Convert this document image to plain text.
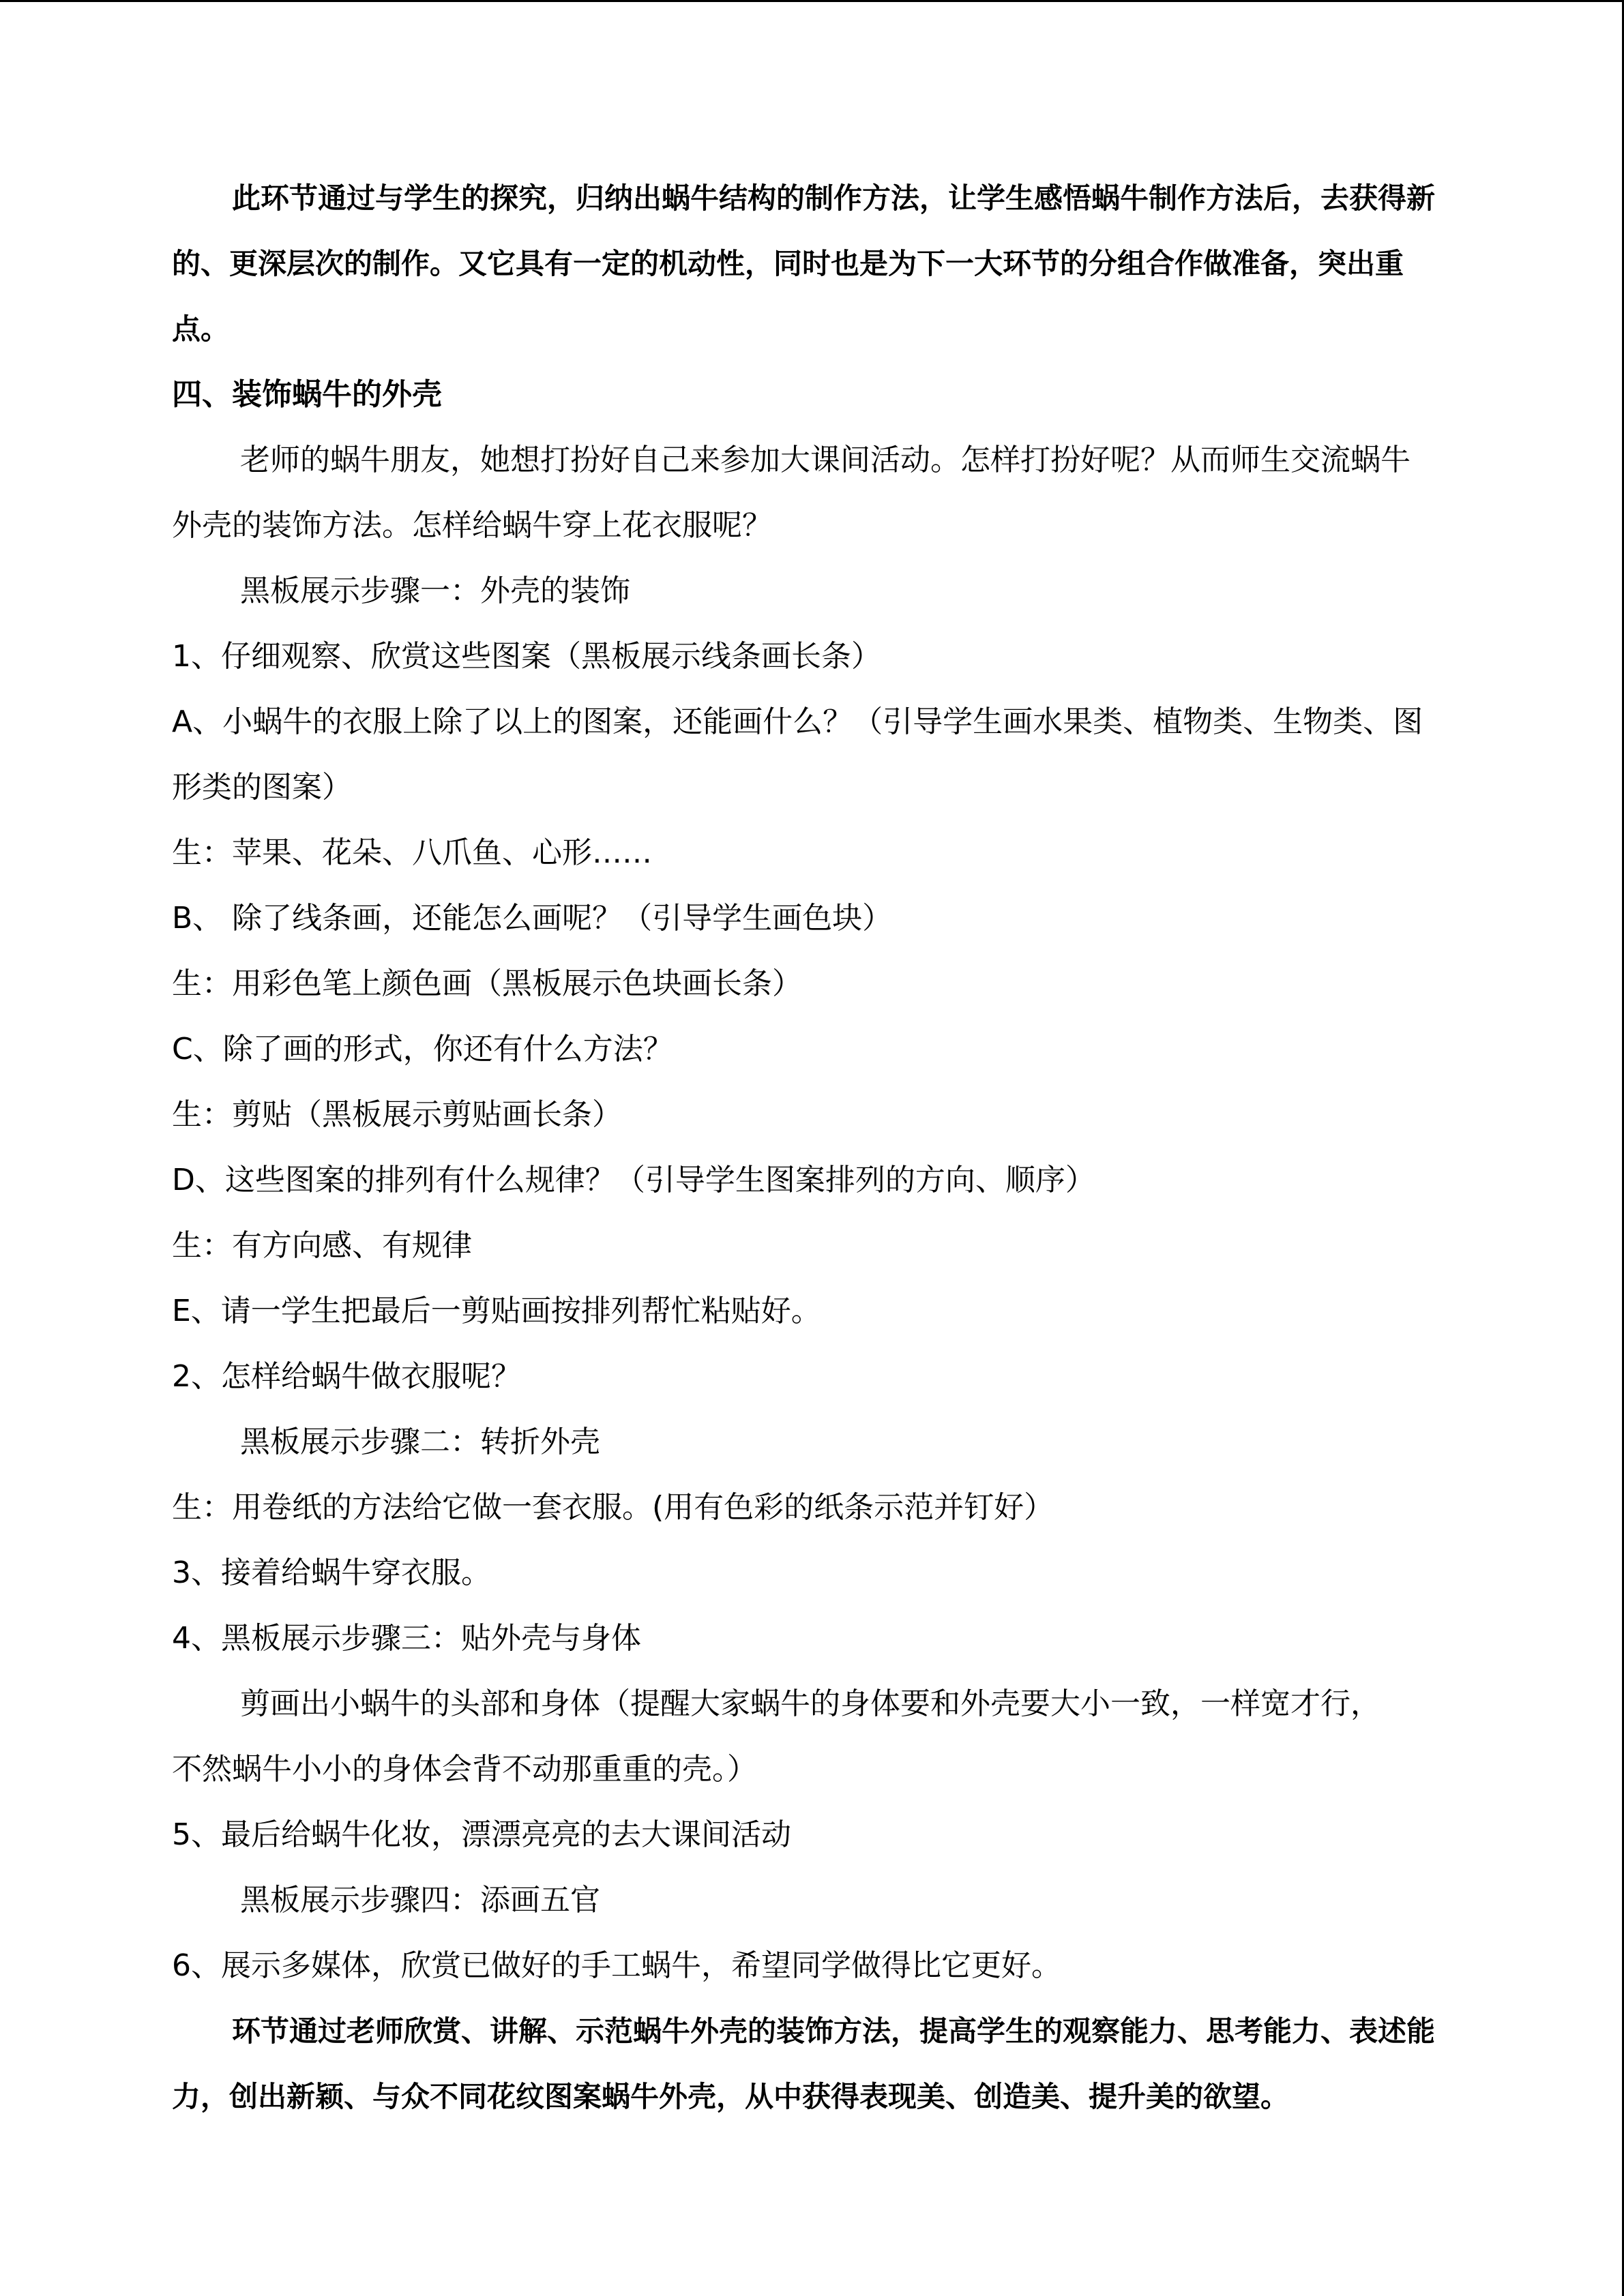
此环节通过与学生的探究，归纳出蜗牛结构的制作方法，让学生感悟蜗牛制作方法后，去获得新

的、更深层次的制作。又它具有一定的机动性，同时也是为下一大环节的分组合作做准备，突出重

点。

四、装饰蜗牛的外壳

老师的蜗牛朋友，她想打扮好自己来参加大课间活动。怎样打扮好呢？从而师生交流蜗牛

外壳的装饰方法。怎样给蜗牛穿上花衣服呢？

黑板展示步骤一：外壳的装饰

1、仔细观察、欣赏这些图案（黑板展示线条画长条）

A、小蜗牛的衣服上除了以上的图案，还能画什么？（引导学生画水果类、植物类、生物类、图

形类的图案）

生：苹果、花朵、八爪鱼、心形……

B、 除了线条画，还能怎么画呢？（引导学生画色块）

生：用彩色笔上颜色画（黑板展示色块画长条）

C、除了画的形式，你还有什么方法？

生：剪贴（黑板展示剪贴画长条）

D、这些图案的排列有什么规律？（引导学生图案排列的方向、顺序）

生：有方向感、有规律

E、请一学生把最后一剪贴画按排列帮忙粘贴好。

2、怎样给蜗牛做衣服呢？

黑板展示步骤二：转折外壳

生：用卷纸的方法给它做一套衣服。(用有色彩的纸条示范并钉好）

3、接着给蜗牛穿衣服。

4、黑板展示步骤三：贴外壳与身体

剪画出小蜗牛的头部和身体（提醒大家蜗牛的身体要和外壳要大小一致，一样宽才行，

不然蜗牛小小的身体会背不动那重重的壳。）

5、最后给蜗牛化妆，漂漂亮亮的去大课间活动

黑板展示步骤四：添画五官

6、展示多媒体，欣赏已做好的手工蜗牛，希望同学做得比它更好。

环节通过老师欣赏、讲解、示范蜗牛外壳的装饰方法，提高学生的观察能力、思考能力、表述能

力，创出新颖、与众不同花纹图案蜗牛外壳，从中获得表现美、创造美、提升美的欲望。
